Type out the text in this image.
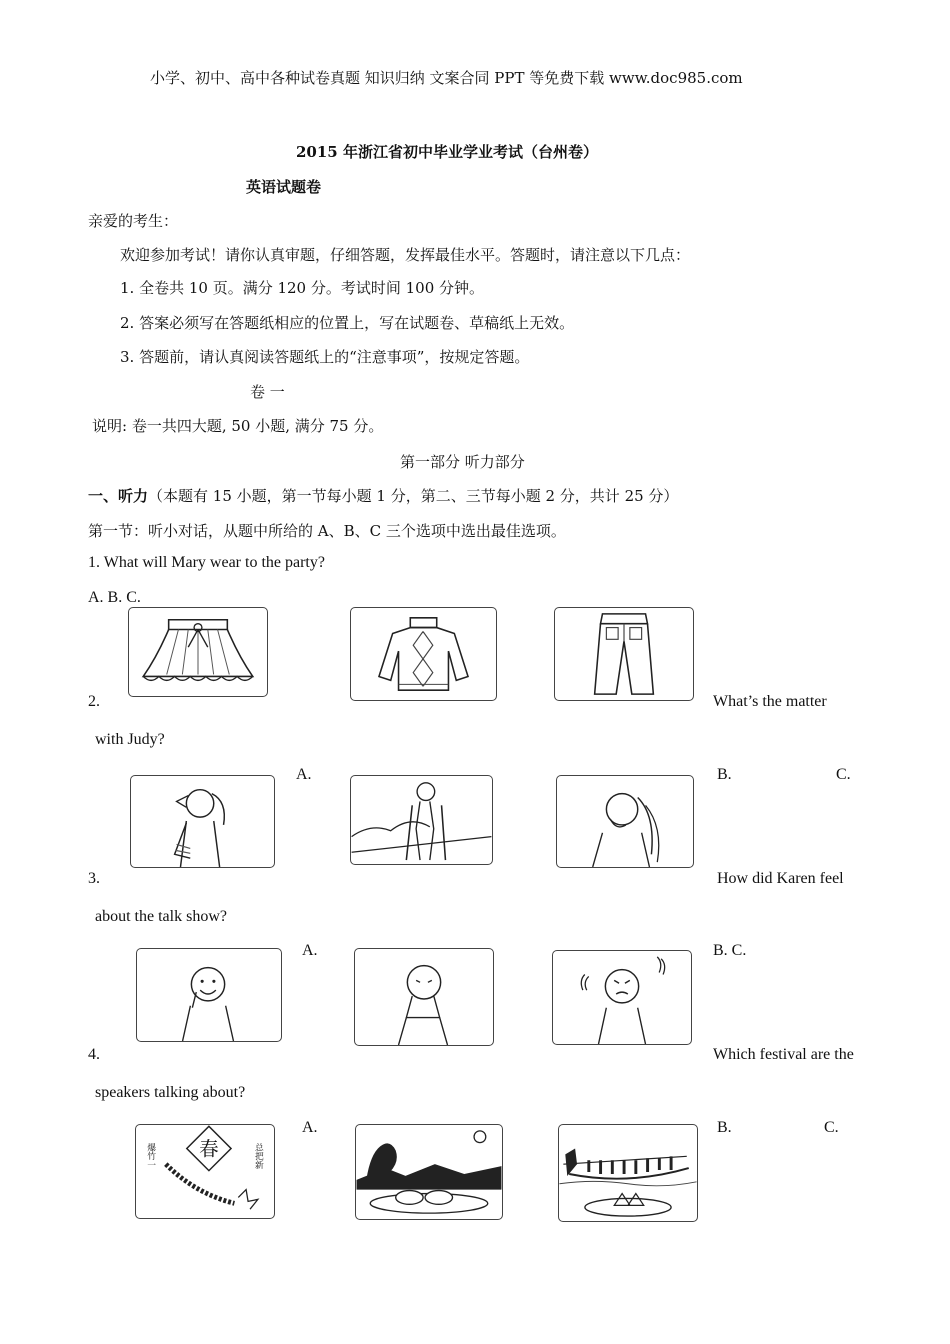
小学、初中、高中各种试卷真题 知识归纳 文案合同 PPT 等免费下载 www.doc985.com
2015 年浙江省初中毕业学业考试（台州卷）
英语试题卷
亲爱的考生：
欢迎参加考试！请你认真审题，仔细答题，发挥最佳水平。答题时，请注意以下几点：
1. 全卷共 10 页。满分 120 分。考试时间 100 分钟。
2. 答案必须写在答题纸相应的位置上，写在试题卷、草稿纸上无效。
3. 答题前，请认真阅读答题纸上的“注意事项”，按规定答题。
卷 一
说明: 卷一共四大题, 50 小题, 满分 75 分。
第一部分 听力部分
一、听力（本题有 15 小题，第一节每小题 1 分，第二、三节每小题 2 分，共计 25 分）
第一节：听小对话，从题中所给的 A、B、C 三个选项中选出最佳选项。
1. What will Mary wear to the party?
A. B. C.
2.	What’s the matter
with Judy?
A.	B.	C.
3.	How did Karen feel
about the talk show?
A.	B. C.
4.	Which festival are the
speakers talking about?
A.	B.	C.
春
爆竹一	总把新
